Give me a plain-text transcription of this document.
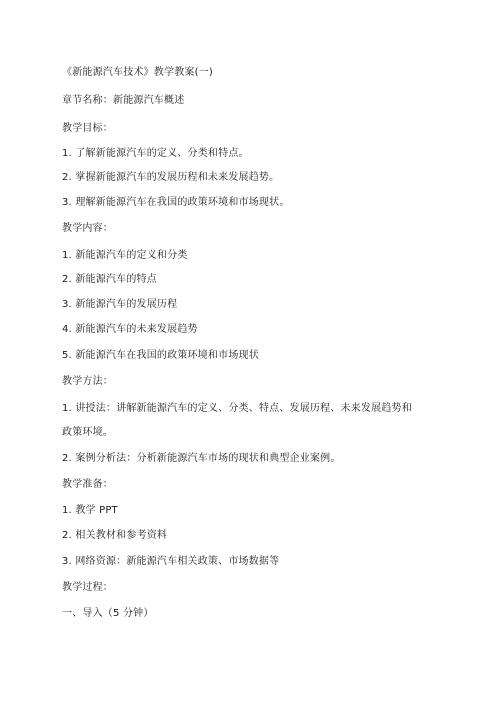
《新能源汽车技术》教学教案(一)
章节名称：新能源汽车概述
教学目标：
1. 了解新能源汽车的定义、分类和特点。
2. 掌握新能源汽车的发展历程和未来发展趋势。
3. 理解新能源汽车在我国的政策环境和市场现状。
教学内容：
1. 新能源汽车的定义和分类
2. 新能源汽车的特点
3. 新能源汽车的发展历程
4. 新能源汽车的未来发展趋势
5. 新能源汽车在我国的政策环境和市场现状
教学方法：
1. 讲授法：讲解新能源汽车的定义、分类、特点、发展历程、未来发展趋势和
政策环境。
2. 案例分析法：分析新能源汽车市场的现状和典型企业案例。
教学准备：
1. 教学 PPT
2. 相关教材和参考资料
3. 网络资源：新能源汽车相关政策、市场数据等
教学过程：
一、导入（5 分钟）
